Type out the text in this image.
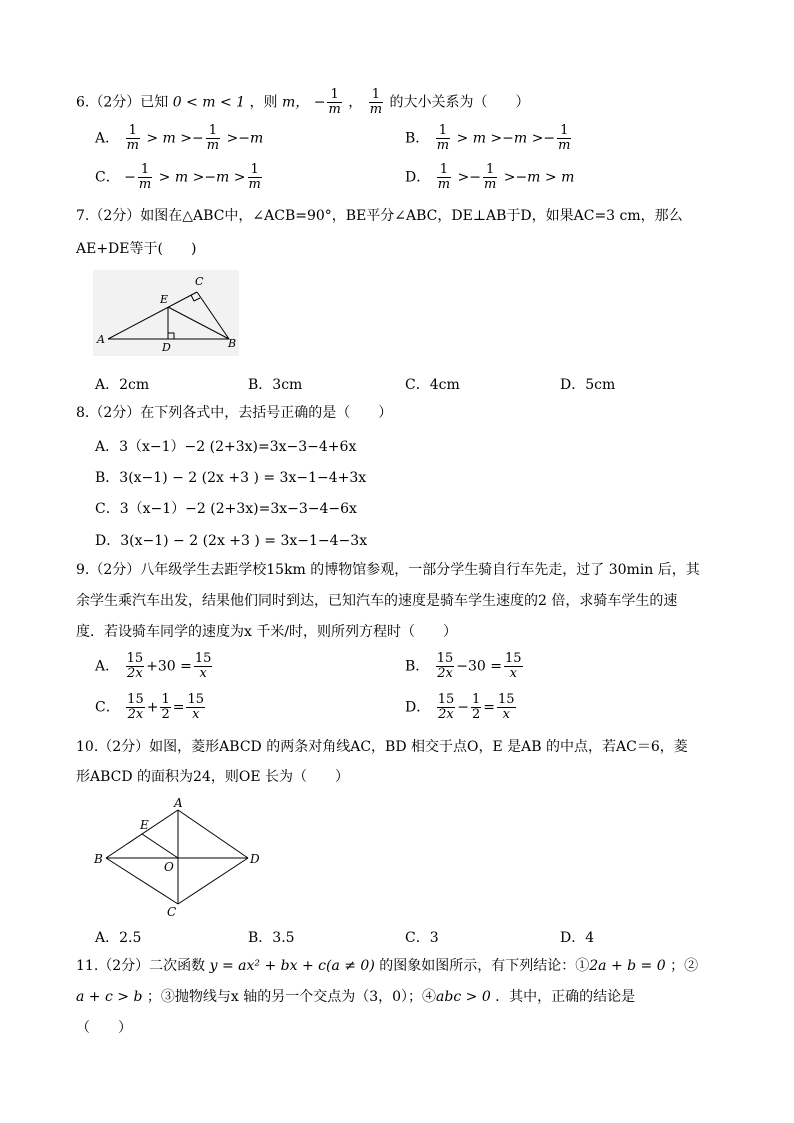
6.（2分）已知 0 < m < 1 ，则 m， − $\frac{1}{m}$ ， $\frac{1}{m}$ 的大小关系为（　　）
A． $\frac{1}{m} > m >- \frac{1}{m} >-m$	B． $\frac{1}{m} > m >-m >- \frac{1}{m}$
C． − $\frac{1}{m} > m >-m > \frac{1}{m}$	D． $\frac{1}{m} >- \frac{1}{m} >-m > m$
7.（2分）如图在△ABC中，∠ACB=90°，BE平分∠ABC，DE⊥AB于D，如果AC=3 cm，那么
AE+DE等于(　　)
A	B
C
D
E
A．2cm	B．3cm	C．4cm	D．5cm
8.（2分）在下列各式中，去括号正确的是（　　）
A．3（x−1）−2 (2+3x)=3x−3−4+6x
B．3(x−1) − 2 (2x +3 ) = 3x−1−4+3x
C．3（x−1）−2 (2+3x)=3x−3−4−6x
D．3(x−1) − 2 (2x +3 ) = 3x−1−4−3x
9.（2分）八年级学生去距学校15km 的博物馆参观，一部分学生骑自行车先走，过了 30min 后，其
余学生乘汽车出发，结果他们同时到达，已知汽车的速度是骑车学生速度的2 倍，求骑车学生的速
度．若设骑车同学的速度为x 千米/时，则所列方程时（　　）
A． $\frac{15}{2x} +30 = \frac{15}{x}$	B． $\frac{15}{2x} -30 = \frac{15}{x}$
C． $\frac{15}{2x} + \frac{1}{2} = \frac{15}{x}$	D． $\frac{15}{2x} - \frac{1}{2} = \frac{15}{x}$
10.（2分）如图，菱形ABCD 的两条对角线AC，BD 相交于点O，E 是AB 的中点，若AC＝6，菱
形ABCD 的面积为24，则OE 长为（　　）
A
B
C
D
E
O
A．2.5	B．3.5	C．3	D．4
11.（2分）二次函数 y = ax² + bx + c(a ≠ 0) 的图象如图所示，有下列结论：①2a + b = 0 ；②
a + c > b ；③抛物线与x 轴的另一个交点为（3，0）；④abc > 0 ．其中，正确的结论是
（　　）
